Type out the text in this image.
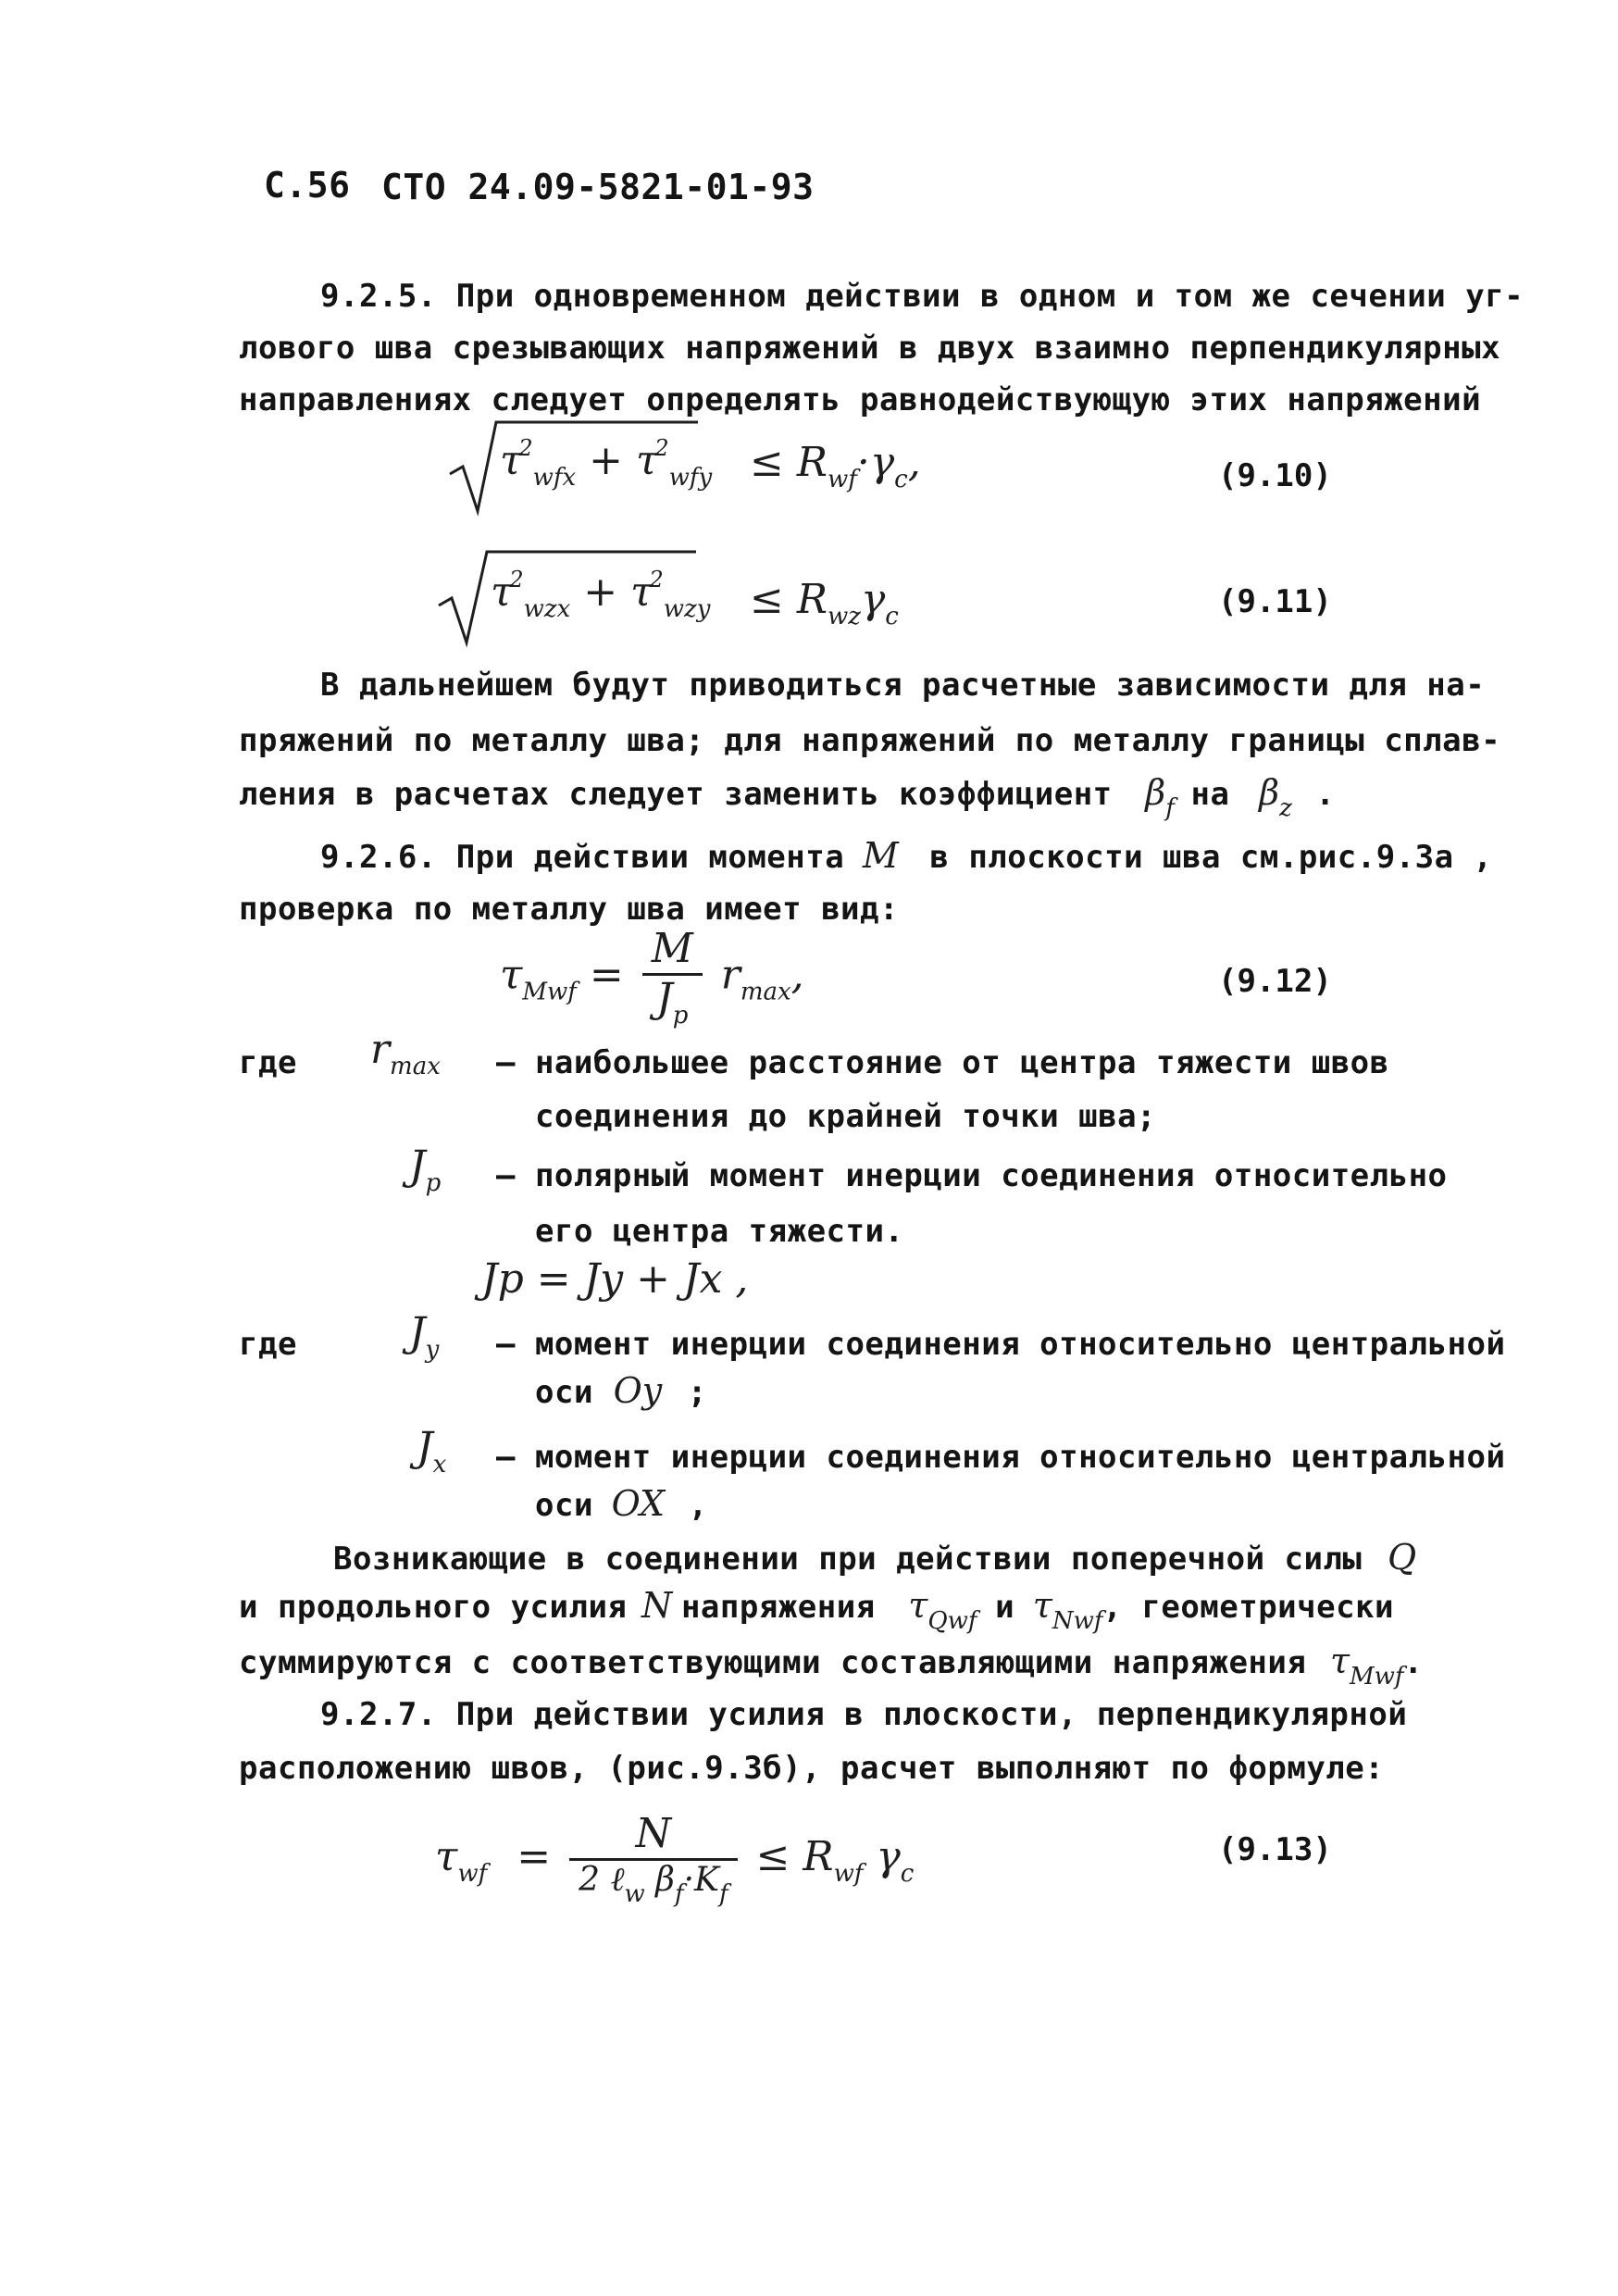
С.56 СТО 24.09-5821-01-93
9.2.5. При одновременном действии в одном и том же сечении уг-
лового шва срезывающих напряжений в двух взаимно перпендикулярных
направлениях следует определять равнодействующую этих напряжений
$\tau^2_{wfx} + \tau^2_{wfy} \le R_{wf}\cdot\gamma_c$,	(9.10)
$\tau^2_{wzx} + \tau^2_{wzy} \le R_{wz}\gamma_c$	(9.11)
В дальнейшем будут приводиться расчетные зависимости для на-
пряжений по металлу шва; для напряжений по металлу границы сплав-
ления в расчетах следует заменить коэффициент $\beta_f$ на $\beta_z$ .
9.2.6. При действии момента M в плоскости шва см.рис.9.3а ,
проверка по металлу шва имеет вид:
$\tau_{Mwf} = \frac{M}{J_p} r_{max}$,	(9.12)
где $r_{max}$ – наибольшее расстояние от центра тяжести швов
соединения до крайней точки шва;
$J_p$ – полярный момент инерции соединения относительно
его центра тяжести.
Jp = Jy + Jx ,
где	$J_y$ – момент инерции соединения относительно центральной
оси Oy ;
$J_x$ – момент инерции соединения относительно центральной
оси OX ,
Возникающие в соединении при действии поперечной силы Q
и продольного усилия N напряжения $\tau_{Qwf}$ и $\tau_{Nwf}$, геометрически
суммируются с соответствующими составляющими напряжения $\tau_{Mwf}$.
9.2.7. При действии усилия в плоскости, перпендикулярной
расположению швов, (рис.9.3б), расчет выполняют по формуле:
$\tau_{wf} = \frac{N}{2 \ell_w \beta_f\cdot K_f} \le R_{wf}$ $\gamma_c$
(9.13)
